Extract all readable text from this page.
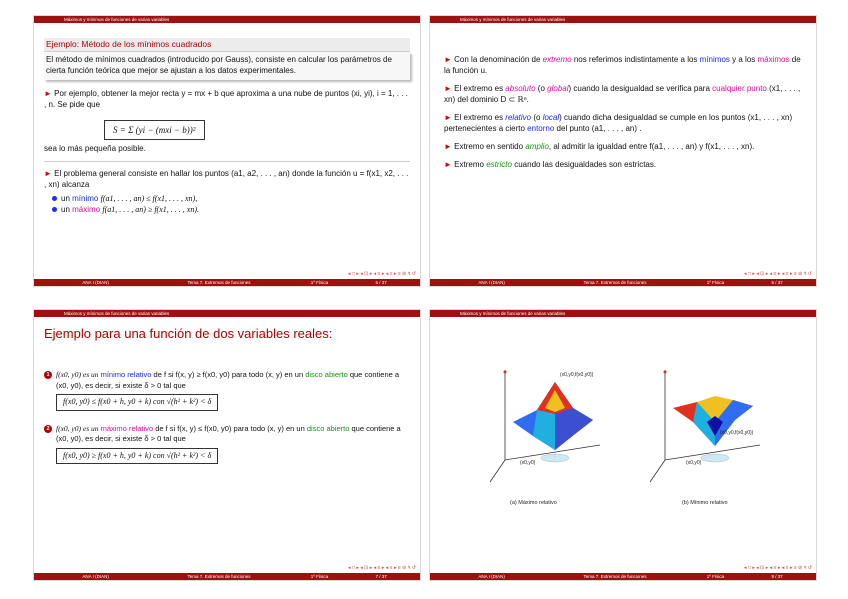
Máximos y mínimos de funciones de varias variables
Ejemplo: Método de los mínimos cuadrados
El método de mínimos cuadrados (introducido por Gauss), consiste en calcular los parámetros de cierta función teórica que mejor se ajustan a los datos experimentales.

► Por ejemplo, obtener la mejor recta y = mx + b que aproxima a una nube de puntos (xi, yi), i = 1, . . . , n. Se pide que

S = Σ (yi − (mxi − b))²

sea lo más pequeña posible.

► El problema general consiste en hallar los puntos (a1, a2, . . . , an) donde la función u = f(x1, x2, . . . , xn) alcanza

un mínimo f(a1, . . . , an) ≤ f(x1, . . . , xn),
un máximo f(a1, . . . , an) ≥ f(x1, . . . , xn).
◂ □ ▸ ◂ ⊡ ▸ ◂ ≡ ▸ ◂ ≡ ▸ ≡ ⊘ ۹ ↺
ANA I (DIAN)	Tema 7. Extremos de funciones	1º Física	5 / 37
Máximos y mínimos de funciones de varias variables

► Con la denominación de extremo nos referimos indistintamente a los mínimos y a los máximos de la función u.

► El extremo es absoluto (o global) cuando la desigualdad se verifica para cualquier punto (x1, . . . , xn) del dominio D ⊂ ℝⁿ.

► El extremo es relativo (o local) cuando dicha desigualdad se cumple en los puntos (x1, . . . , xn) pertenecientes a cierto entorno del punto (a1, . . . , an) .

► Extremo en sentido amplio, al admitir la igualdad entre f(a1, . . . , an) y f(x1, . . . , xn).

► Extremo estricto cuando las desigualdades son estrictas.

◂ □ ▸ ◂ ⊡ ▸ ◂ ≡ ▸ ◂ ≡ ▸ ≡ ⊘ ۹ ↺
ANA I (DIAN)	Tema 7. Extremos de funciones	1º Física	6 / 37
Máximos y mínimos de funciones de varias variables
Ejemplo para una función de dos variables reales:
1 f(x0, y0) es un mínimo relativo de f si f(x, y) ≥ f(x0, y0) para todo (x, y) en un disco abierto que contiene a (x0, y0), es decir, si existe δ > 0 tal que
f(x0, y0) ≤ f(x0 + h, y0 + k) con √(h² + k²) < δ
2 f(x0, y0) es un máximo relativo de f si f(x, y) ≤ f(x0, y0) para todo (x, y) en un disco abierto que contiene a (x0, y0), es decir, si existe δ > 0 tal que
f(x0, y0) ≥ f(x0 + h, y0 + k) con √(h² + k²) < δ
◂ □ ▸ ◂ ⊡ ▸ ◂ ≡ ▸ ◂ ≡ ▸ ≡ ⊘ ۹ ↺
ANA I (DIAN)	Tema 7. Extremos de funciones	1º Física	7 / 37
Máximos y mínimos de funciones de varias variables
(x0,y0,f(x0,y0))
(x0,y0)
(a) Máximo relativo
(x0,y0,f(x0,y0))
(x0,y0)
(b) Mínimo relativo
◂ □ ▸ ◂ ⊡ ▸ ◂ ≡ ▸ ◂ ≡ ▸ ≡ ⊘ ۹ ↺
ANA I (DIAN)	Tema 7. Extremos de funciones	1º Física	8 / 37
